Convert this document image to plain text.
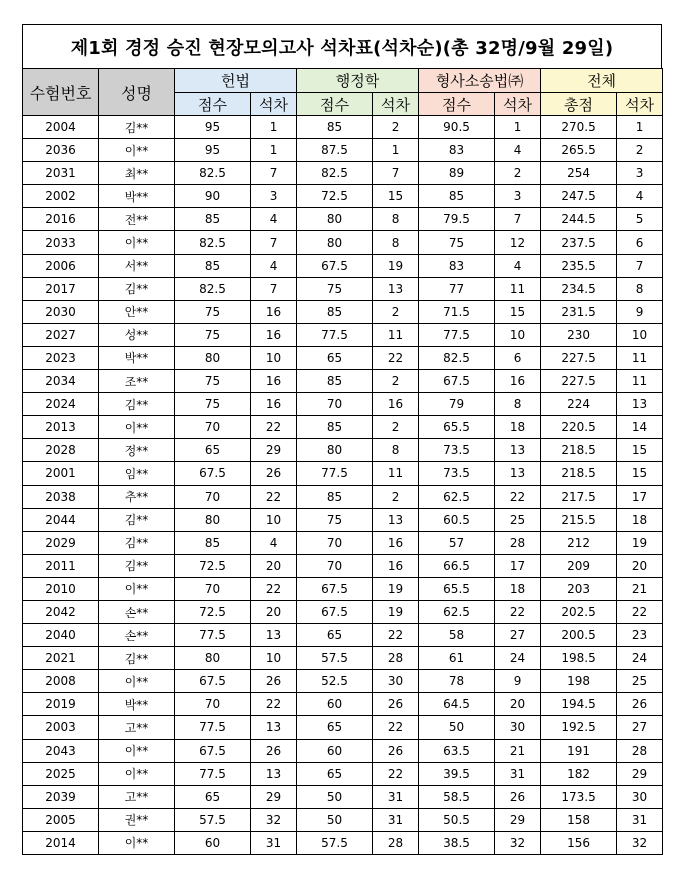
제1회 경정 승진 현장모의고사 석차표(석차순)(총 32명/9월 29일)
수험번호	성명	헌법		행정학		형사소송법㈜		전체	
		점수	석차	점수	석차	점수	석차	총점	석차
2004	김**	95	1	85	2	90.5	1	270.5	1
2036	이**	95	1	87.5	1	83	4	265.5	2
2031	최**	82.5	7	82.5	7	89	2	254	3
2002	박**	90	3	72.5	15	85	3	247.5	4
2016	전**	85	4	80	8	79.5	7	244.5	5
2033	이**	82.5	7	80	8	75	12	237.5	6
2006	서**	85	4	67.5	19	83	4	235.5	7
2017	김**	82.5	7	75	13	77	11	234.5	8
2030	안**	75	16	85	2	71.5	15	231.5	9
2027	성**	75	16	77.5	11	77.5	10	230	10
2023	박**	80	10	65	22	82.5	6	227.5	11
2034	조**	75	16	85	2	67.5	16	227.5	11
2024	김**	75	16	70	16	79	8	224	13
2013	이**	70	22	85	2	65.5	18	220.5	14
2028	정**	65	29	80	8	73.5	13	218.5	15
2001	임**	67.5	26	77.5	11	73.5	13	218.5	15
2038	추**	70	22	85	2	62.5	22	217.5	17
2044	김**	80	10	75	13	60.5	25	215.5	18
2029	김**	85	4	70	16	57	28	212	19
2011	김**	72.5	20	70	16	66.5	17	209	20
2010	이**	70	22	67.5	19	65.5	18	203	21
2042	손**	72.5	20	67.5	19	62.5	22	202.5	22
2040	손**	77.5	13	65	22	58	27	200.5	23
2021	김**	80	10	57.5	28	61	24	198.5	24
2008	이**	67.5	26	52.5	30	78	9	198	25
2019	박**	70	22	60	26	64.5	20	194.5	26
2003	고**	77.5	13	65	22	50	30	192.5	27
2043	이**	67.5	26	60	26	63.5	21	191	28
2025	이**	77.5	13	65	22	39.5	31	182	29
2039	고**	65	29	50	31	58.5	26	173.5	30
2005	권**	57.5	32	50	31	50.5	29	158	31
2014	이**	60	31	57.5	28	38.5	32	156	32
